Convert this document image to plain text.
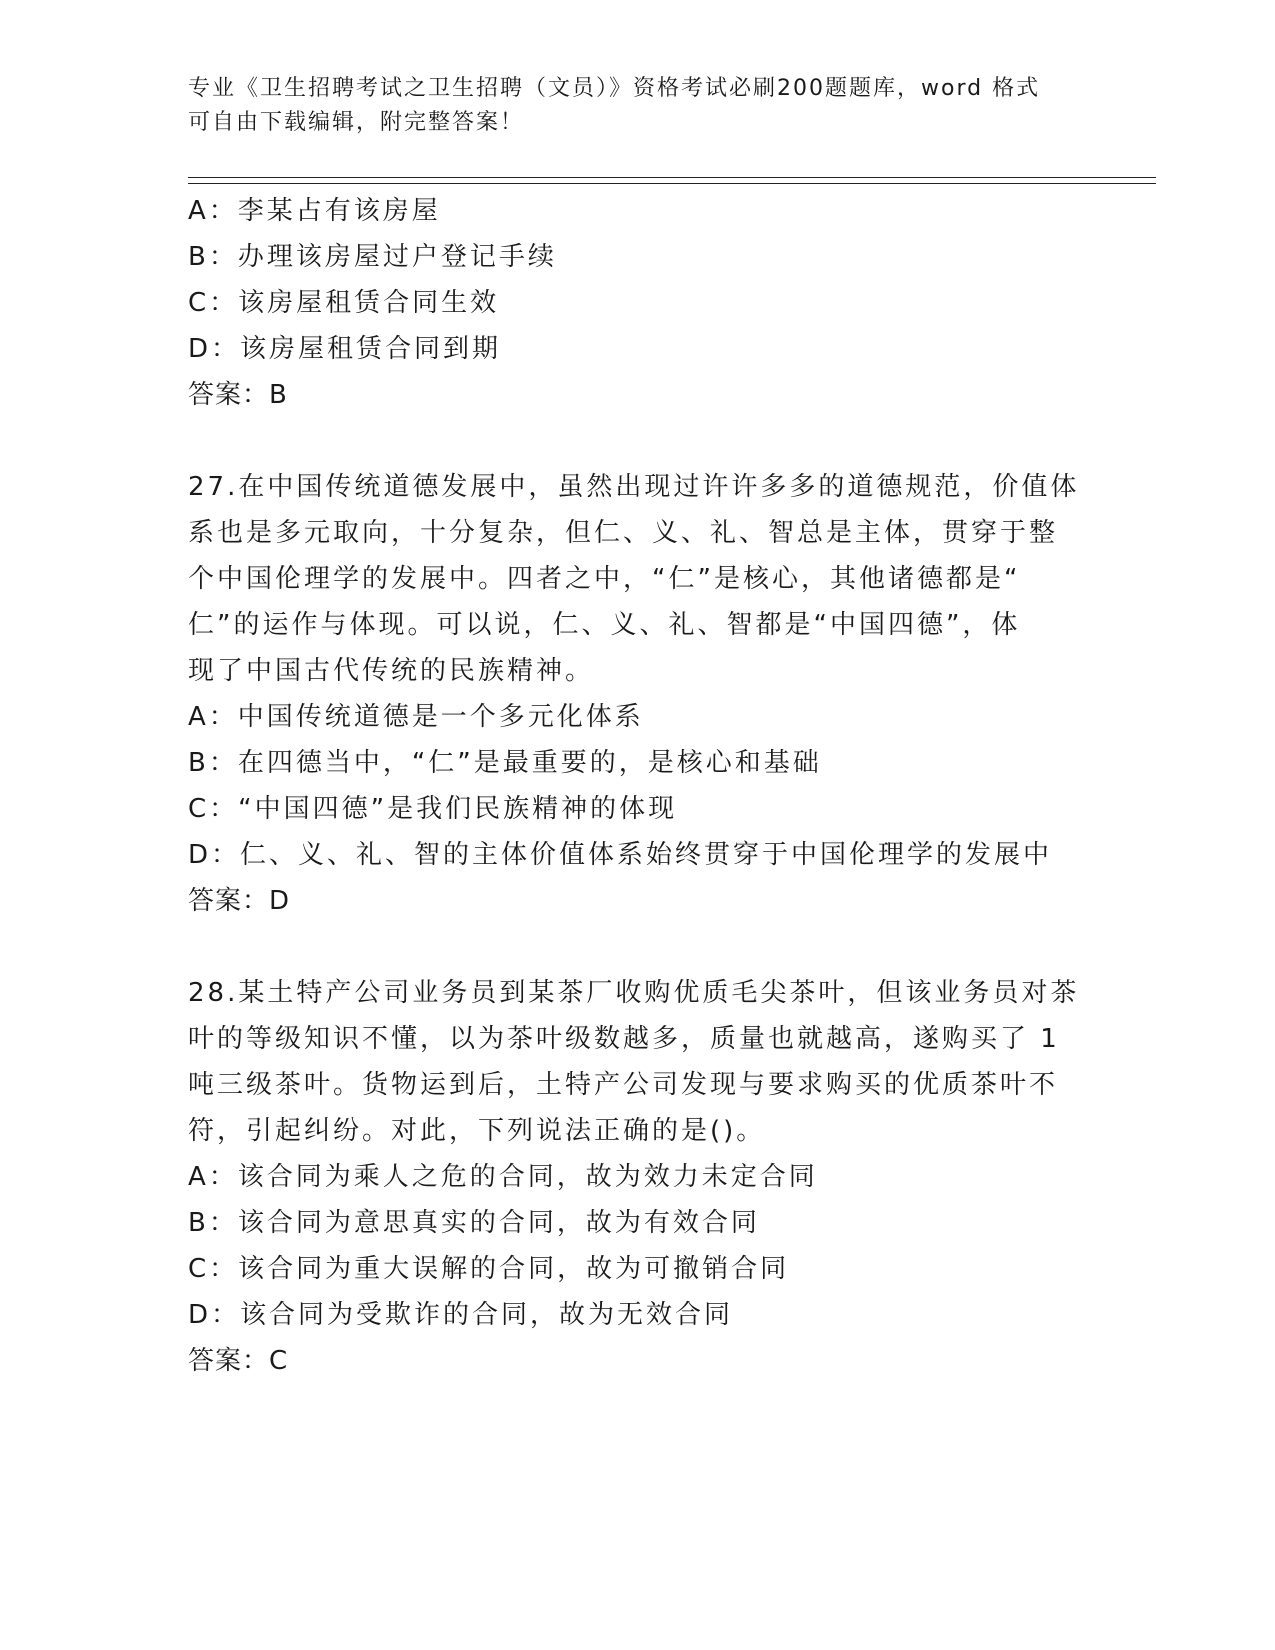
专业《卫生招聘考试之卫生招聘（文员）》资格考试必刷200题题库，word 格式
可自由下载编辑，附完整答案！
A：李某占有该房屋
B：办理该房屋过户登记手续
C：该房屋租赁合同生效
D：该房屋租赁合同到期
答案：B
27.在中国传统道德发展中，虽然出现过许许多多的道德规范，价值体
系也是多元取向，十分复杂，但仁、义、礼、智总是主体，贯穿于整
个中国伦理学的发展中。四者之中，“仁”是核心，其他诸德都是“
仁”的运作与体现。可以说，仁、义、礼、智都是“中国四德”，体
现了中国古代传统的民族精神。
A：中国传统道德是一个多元化体系
B：在四德当中，“仁”是最重要的，是核心和基础
C：“中国四德”是我们民族精神的体现
D：仁、义、礼、智的主体价值体系始终贯穿于中国伦理学的发展中
答案：D
28.某土特产公司业务员到某茶厂收购优质毛尖茶叶，但该业务员对茶
叶的等级知识不懂，以为茶叶级数越多，质量也就越高，遂购买了 1
吨三级茶叶。货物运到后，土特产公司发现与要求购买的优质茶叶不
符，引起纠纷。对此，下列说法正确的是()。
A：该合同为乘人之危的合同，故为效力未定合同
B：该合同为意思真实的合同，故为有效合同
C：该合同为重大误解的合同，故为可撤销合同
D：该合同为受欺诈的合同，故为无效合同
答案：C
